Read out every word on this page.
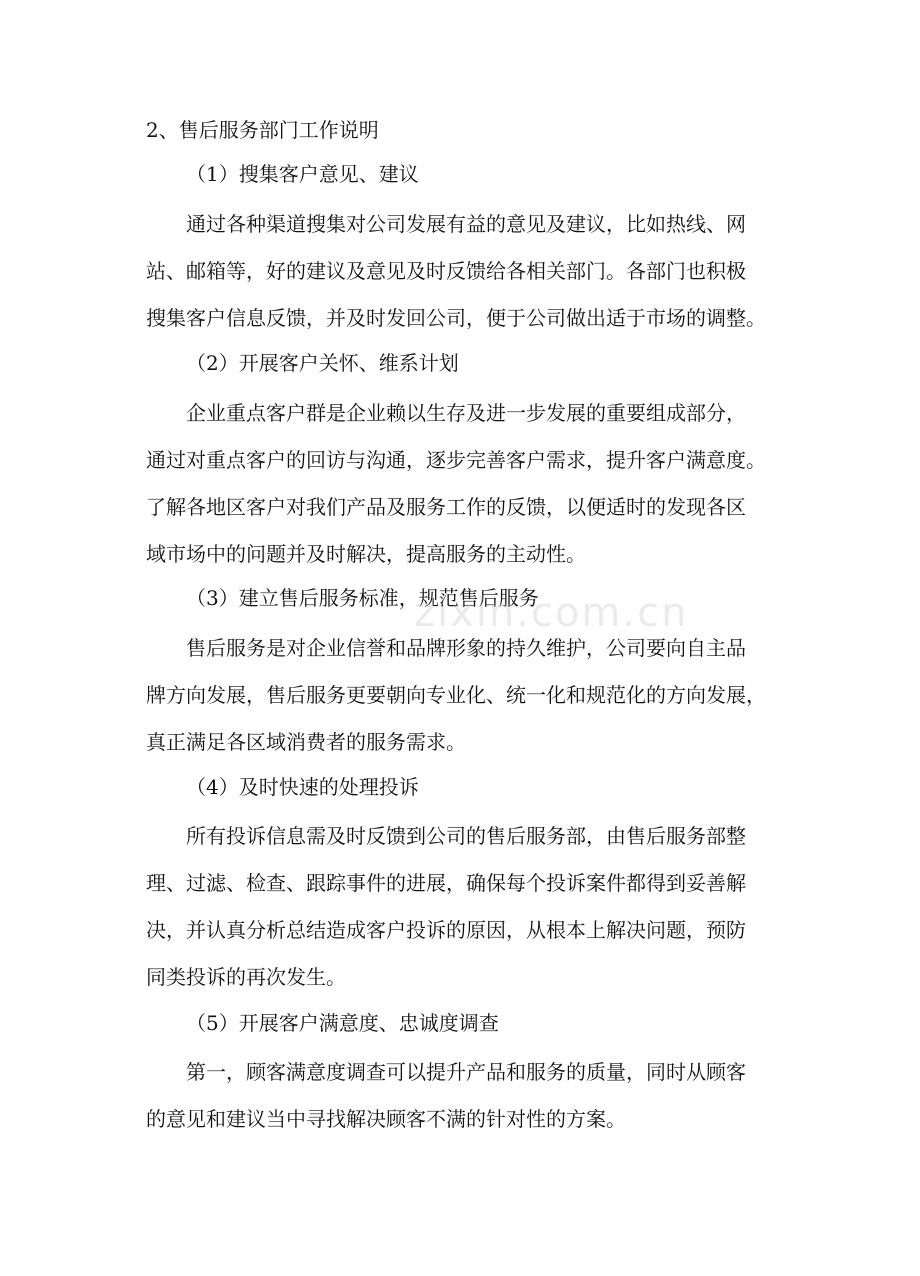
2、售后服务部门工作说明
（1）搜集客户意见、建议
通过各种渠道搜集对公司发展有益的意见及建议，比如热线、网
站、邮箱等，好的建议及意见及时反馈给各相关部门。各部门也积极
搜集客户信息反馈，并及时发回公司，便于公司做出适于市场的调整。
（2）开展客户关怀、维系计划
企业重点客户群是企业赖以生存及进一步发展的重要组成部分，
通过对重点客户的回访与沟通，逐步完善客户需求，提升客户满意度。
了解各地区客户对我们产品及服务工作的反馈，以便适时的发现各区
域市场中的问题并及时解决，提高服务的主动性。
（3）建立售后服务标准，规范售后服务
售后服务是对企业信誉和品牌形象的持久维护，公司要向自主品
牌方向发展，售后服务更要朝向专业化、统一化和规范化的方向发展，
真正满足各区域消费者的服务需求。
（4）及时快速的处理投诉
所有投诉信息需及时反馈到公司的售后服务部，由售后服务部整
理、过滤、检查、跟踪事件的进展，确保每个投诉案件都得到妥善解
决，并认真分析总结造成客户投诉的原因，从根本上解决问题，预防
同类投诉的再次发生。
（5）开展客户满意度、忠诚度调查
第一，顾客满意度调查可以提升产品和服务的质量，同时从顾客
的意见和建议当中寻找解决顾客不满的针对性的方案。
zixin.com.cn
